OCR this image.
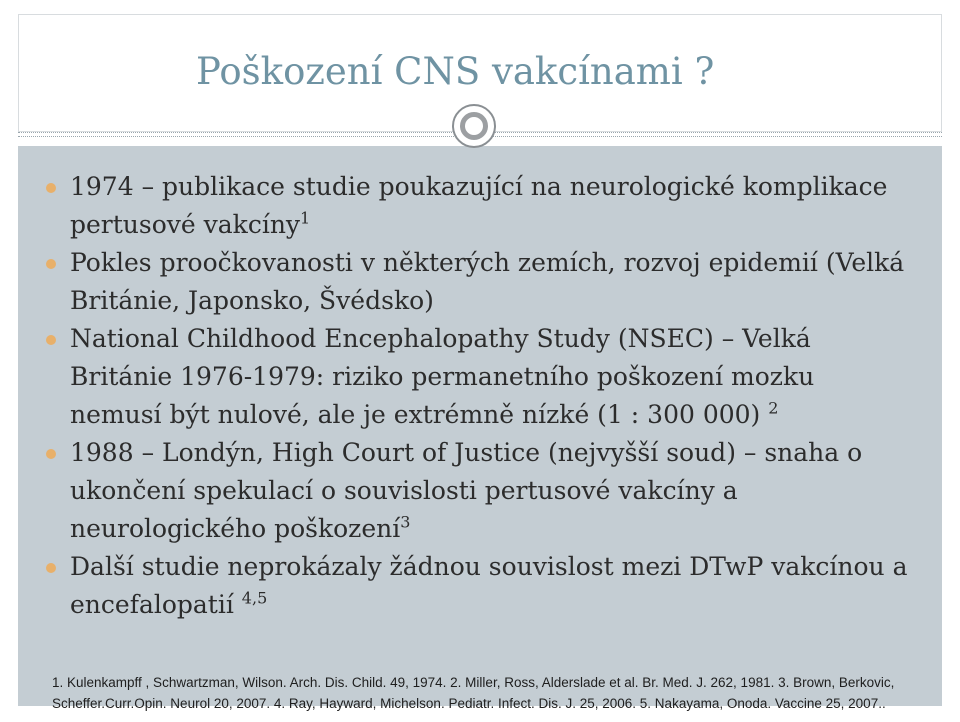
Poškození CNS vakcínami ?
1974 – publikace studie poukazující na neurologické komplikace pertusové vakcíny$^1$
Pokles proočkovanosti v některých zemích, rozvoj epidemií (Velká Británie, Japonsko, Švédsko)
National Childhood Encephalopathy Study (NSEC) – Velká Británie 1976-1979: riziko permanetního poškození mozku nemusí být nulové, ale je extrémně nízké (1 : 300 000) $^2$
1988 – Londýn, High Court of Justice (nejvyšší soud) – snaha o ukončení spekulací o souvislosti pertusové vakcíny a neurologického poškození$^3$
Další studie neprokázaly žádnou souvislost mezi DTwP vakcínou a encefalopatií $^{4,5}$
1. Kulenkampff , Schwartzman, Wilson. Arch. Dis. Child. 49, 1974. 2. Miller, Ross, Alderslade et al. Br. Med. J. 262, 1981. 3. Brown, Berkovic,
Scheffer.Curr.Opin. Neurol 20, 2007. 4. Ray, Hayward, Michelson. Pediatr. Infect. Dis. J. 25, 2006. 5. Nakayama, Onoda. Vaccine 25, 2007..
